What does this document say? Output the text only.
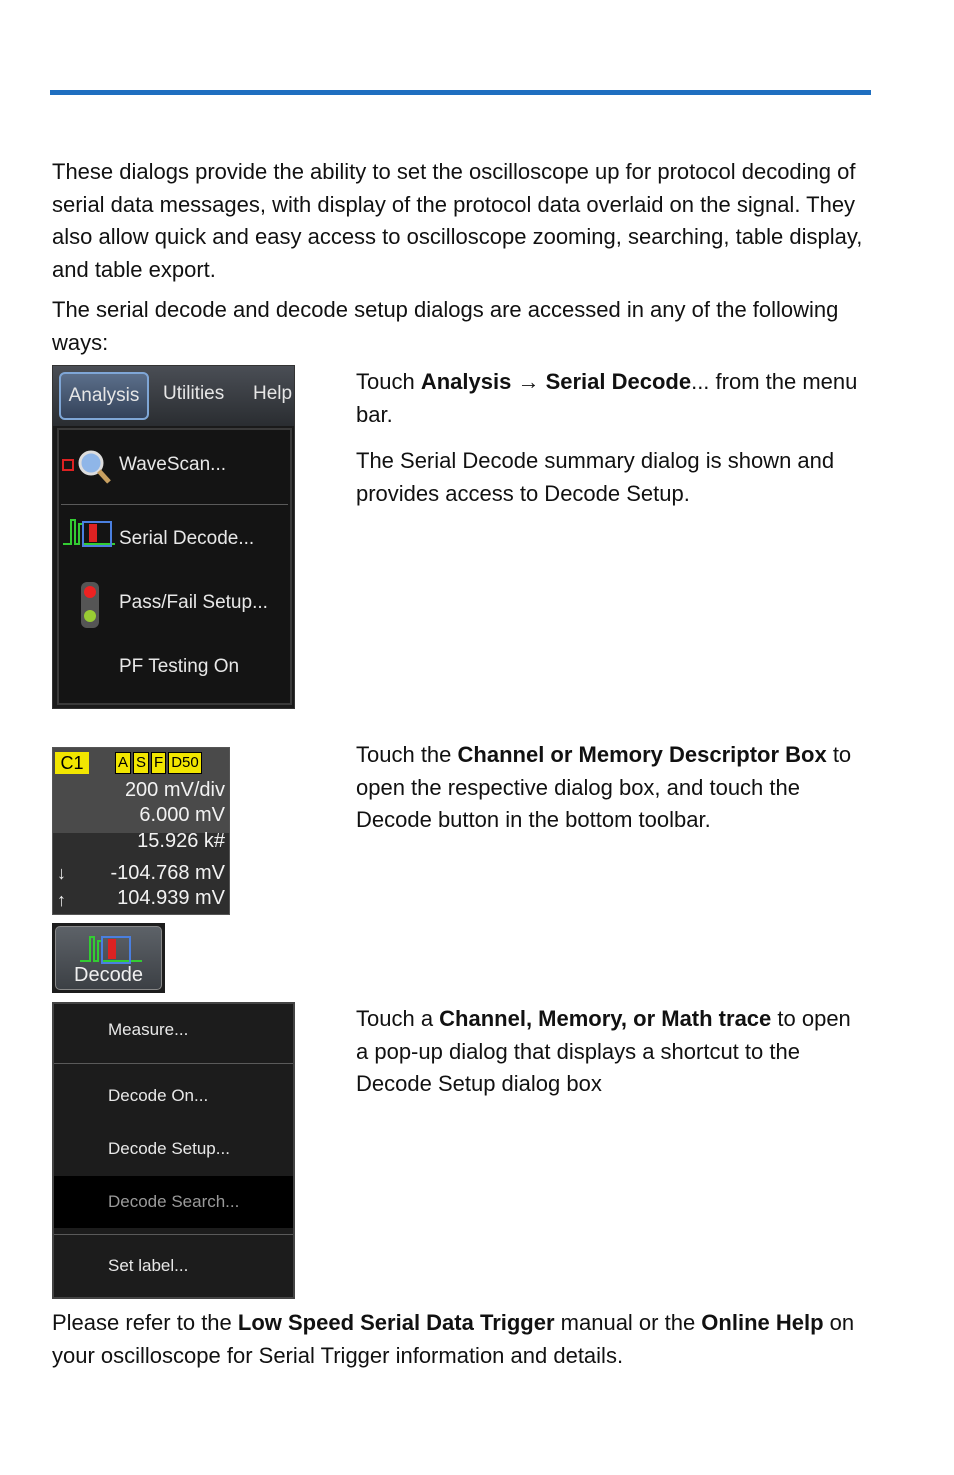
These dialogs provide the ability to set the oscilloscope up for protocol decoding of serial data messages, with display of the protocol data overlaid on the signal. They also allow quick and easy access to oscilloscope zooming, searching, table display, and table export.

The serial decode and decode setup dialogs are accessed in any of the following ways:

Analysis	Utilities Help
WaveScan...
Serial Decode...
Pass/Fail Setup...
PF Testing On

Touch Analysis → Serial Decode... from the menu bar.

The Serial Decode summary dialog is shown and provides access to Decode Setup.

C1	A S F D50
200 mV/div
6.000 mV
15.926 k#
↓ -104.768 mV
↑	104.939 mV

Touch the Channel or Memory Descriptor Box to open the respective dialog box, and touch the Decode button in the bottom toolbar.

Decode
Measure...
Decode On...
Decode Setup...
Decode Search...
Set label...

Touch a Channel, Memory, or Math trace to open a pop-up dialog that displays a shortcut to the Decode Setup dialog box

Please refer to the Low Speed Serial Data Trigger manual or the Online Help on your oscilloscope for Serial Trigger information and details.
